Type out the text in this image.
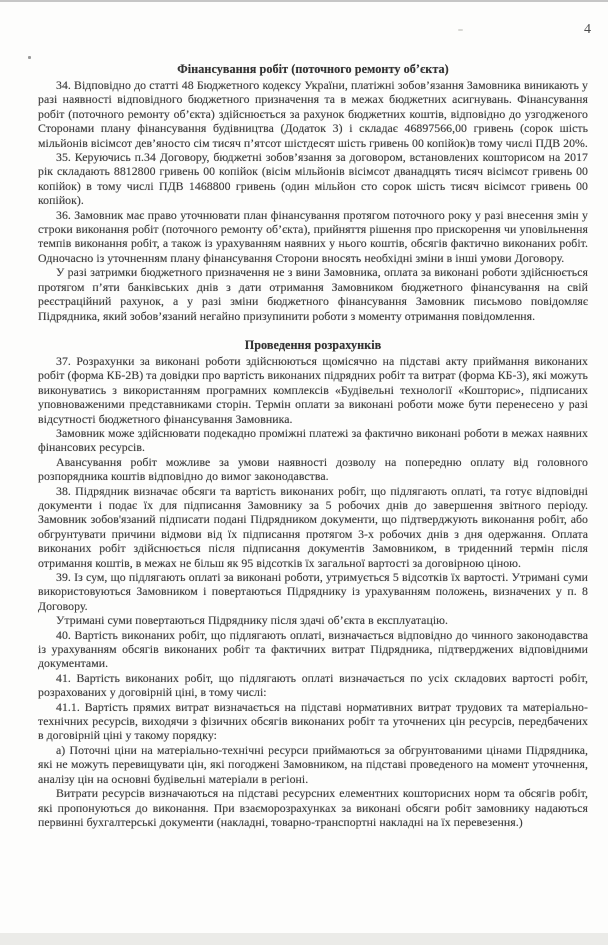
4
Фінансування робіт (поточного ремонту об’єкта)

34. Відповідно до статті 48 Бюджетного кодексу України, платіжні зобов’язання Замовника виникають у разі наявності відповідного бюджетного призначення та в межах бюджетних асигнувань. Фінансування робіт (поточного ремонту об’єкта) здійснюється за рахунок бюджетних коштів, відповідно до узгодженого Сторонами плану фінансування будівництва (Додаток 3) і складає 46897566,00 гривень (сорок шість мільйонів вісімсот дев’яносто сім тисяч п’ятсот шістдесят шість гривень 00 копійок)в тому числі ПДВ 20%.

35. Керуючись п.34 Договору, бюджетні зобов’язання за договором, встановлених кошторисом на 2017 рік складають 8812800 гривень 00 копійок (вісім мільйонів вісімсот дванадцять тисяч вісімсот гривень 00 копійок) в тому числі ПДВ 1468800 гривень (один мільйон сто сорок шість тисяч вісімсот гривень 00 копійок).

36. Замовник має право уточнювати план фінансування протягом поточного року у разі внесення змін у строки виконання робіт (поточного ремонту об’єкта), прийняття рішення про прискорення чи уповільнення темпів виконання робіт, а також із урахуванням наявних у нього коштів, обсягів фактично виконаних робіт. Одночасно із уточненням плану фінансування Сторони вносять необхідні зміни в інші умови Договору.

У разі затримки бюджетного призначення не з вини Замовника, оплата за виконані роботи здійснюється протягом п’яти банківських днів з дати отримання Замовником бюджетного фінансування на свій реєстраційний рахунок, а у разі зміни бюджетного фінансування Замовник письмово повідомляє Підрядника, який зобов’язаний негайно призупинити роботи з моменту отримання повідомлення.

Проведення розрахунків

37. Розрахунки за виконані роботи здійснюються щомісячно на підставі акту приймання виконаних робіт (форма КБ-2В) та довідки про вартість виконаних підрядних робіт та витрат (форма КБ-3), які можуть виконуватись з використанням програмних комплексів «Будівельні технології «Кошторис», підписаних уповноваженими представниками сторін. Термін оплати за виконані роботи може бути перенесено у разі відсутності бюджетного фінансування Замовника.

Замовник може здійснювати подекадно проміжні платежі за фактично виконані роботи в межах наявних фінансових ресурсів.

Авансування робіт можливе за умови наявності дозволу на попередню оплату від головного розпорядника коштів відповідно до вимог законодавства.

38. Підрядник визначає обсяги та вартість виконаних робіт, що підлягають оплаті, та готує відповідні документи і подає їх для підписання Замовнику за 5 робочих днів до завершення звітного періоду. Замовник зобов'язаний підписати подані Підрядником документи, що підтверджують виконання робіт, або обгрунтувати причини відмови від їх підписання протягом 3-х робочих днів з дня одержання. Оплата виконаних робіт здійснюється після підписання документів Замовником, в триденний термін після отримання коштів, в межах не більш як 95 відсотків їх загальної вартості за договірною ціною.

39. Із сум, що підлягають оплаті за виконані роботи, утримується 5 відсотків їх вартості. Утримані суми використовуються Замовником і повертаються Підряднику із урахуванням положень, визначених у п. 8 Договору.

Утримані суми повертаються Підряднику після здачі об’єкта в експлуатацію.

40. Вартість виконаних робіт, що підлягають оплаті, визначається відповідно до чинного законодавства із урахуванням обсягів виконаних робіт та фактичних витрат Підрядника, підтверджених відповідними документами.

41. Вартість виконаних робіт, що підлягають оплаті визначається по усіх складових вартості робіт, розрахованих у договірній ціні, в тому числі:

41.1. Вартість прямих витрат визначається на підставі нормативних витрат трудових та матеріально-технічних ресурсів, виходячи з фізичних обсягів виконаних робіт та уточнених цін ресурсів, передбачених в договірній ціні у такому порядку:

а) Поточні ціни на матеріально-технічні ресурси приймаються за обгрунтованими цінами Підрядника, які не можуть перевищувати цін, які погоджені Замовником, на підставі проведеного на момент уточнення, аналізу цін на основні будівельні матеріали в регіоні.

Витрати ресурсів визначаються на підставі ресурсних елементних кошторисних норм та обсягів робіт, які пропонуються до виконання. При взаєморозрахунках за виконані обсяги робіт замовнику надаються первинні бухгалтерські документи (накладні, товарно-транспортні накладні на їх перевезення.)
